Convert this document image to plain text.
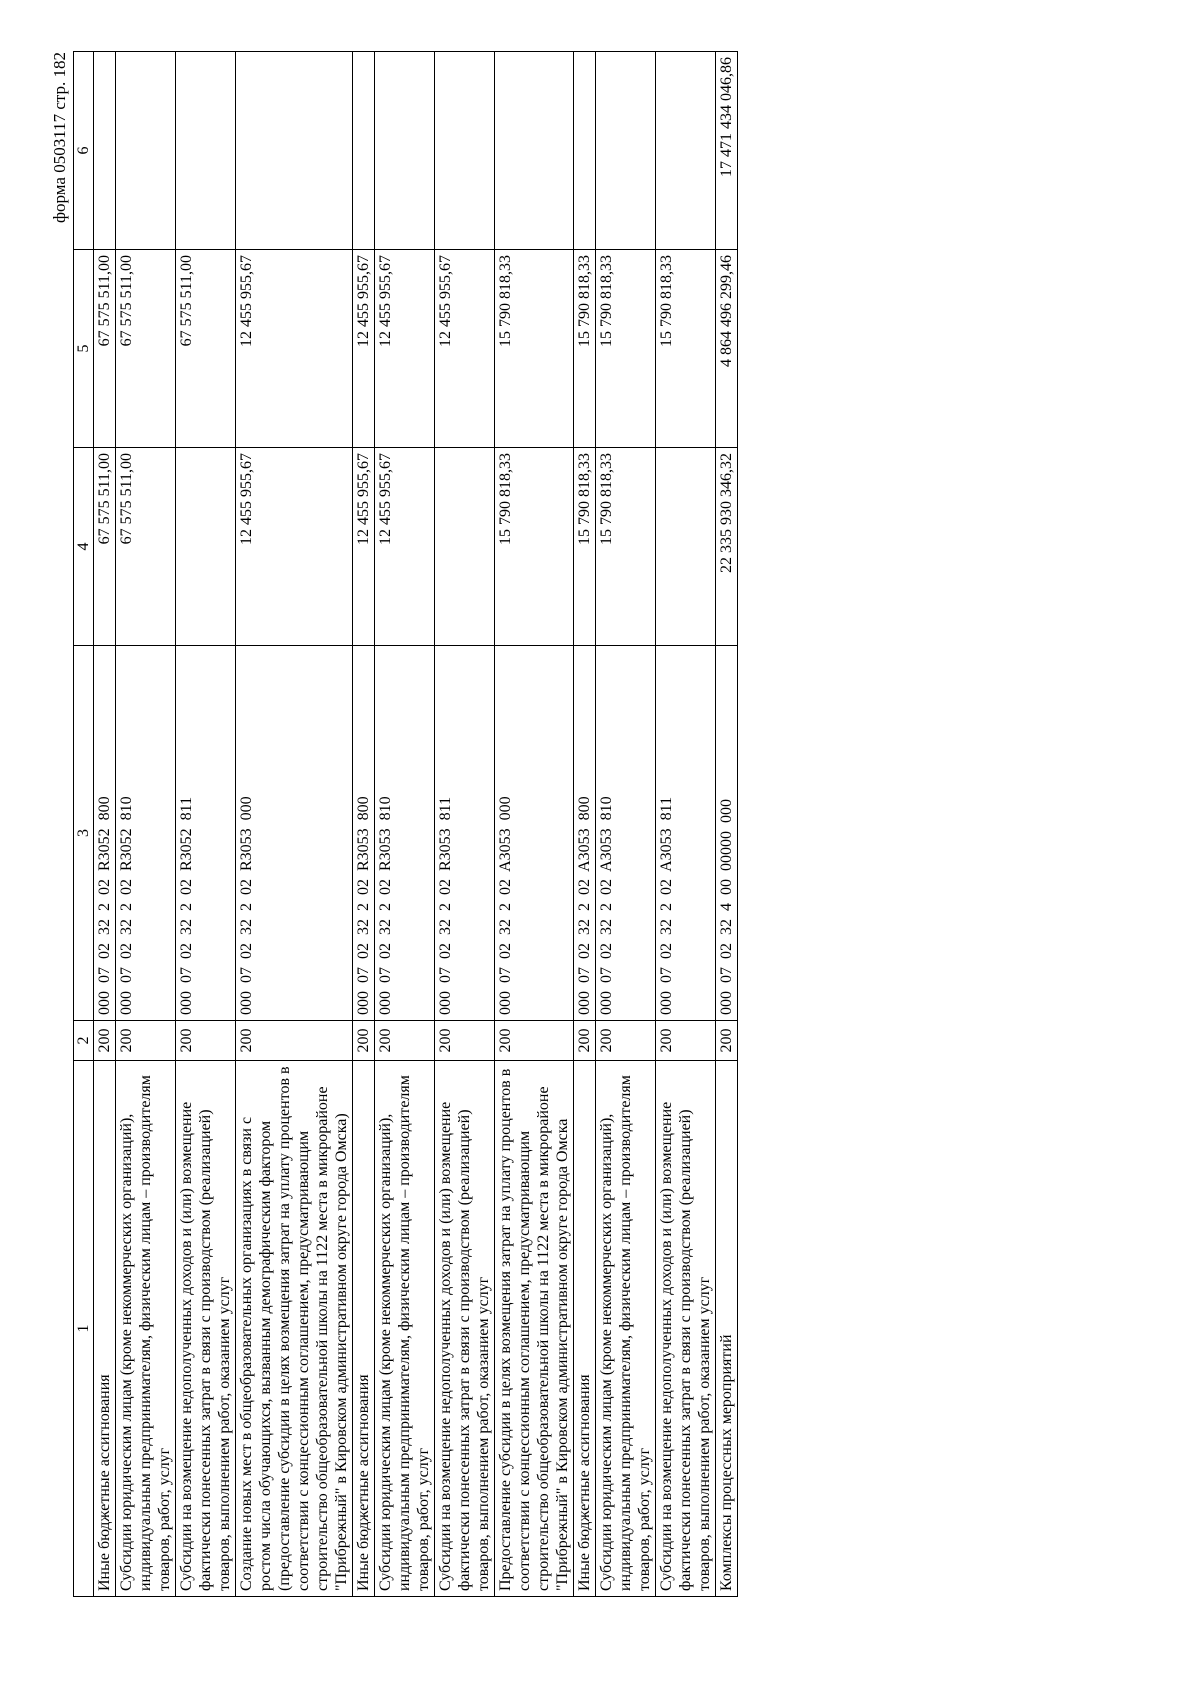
форма 0503117 стр. 182
1	2	3	4	5	6
Иные бюджетные ассигнования	200	000  07  02  32  2  02  R3052  800	67 575 511,00	67 575 511,00	
Субсидии юридическим лицам (кроме некоммерческих организаций), индивидуальным предпринимателям, физическим лицам – производителям товаров, работ, услуг	200	000  07  02  32  2  02  R3052  810	67 575 511,00	67 575 511,00	
Субсидии на возмещение недополученных доходов и (или) возмещение фактически понесенных затрат в связи с производством (реализацией) товаров, выполнением работ, оказанием услуг	200	000  07  02  32  2  02  R3052  811		67 575 511,00	
Создание новых мест в общеобразовательных организациях в связи с ростом числа обучающихся, вызванным демографическим фактором (предоставление субсидии в целях возмещения затрат на уплату процентов в соответствии с концессионным соглашением, предусматривающим строительство общеобразовательной школы на 1122 места в микрорайоне "Прибрежный" в Кировском административном округе города Омска)	200	000  07  02  32  2  02  R3053  000	12 455 955,67	12 455 955,67	
Иные бюджетные ассигнования	200	000  07  02  32  2  02  R3053  800	12 455 955,67	12 455 955,67	
Субсидии юридическим лицам (кроме некоммерческих организаций), индивидуальным предпринимателям, физическим лицам – производителям товаров, работ, услуг	200	000  07  02  32  2  02  R3053  810	12 455 955,67	12 455 955,67	
Субсидии на возмещение недополученных доходов и (или) возмещение фактически понесенных затрат в связи с производством (реализацией) товаров, выполнением работ, оказанием услуг	200	000  07  02  32  2  02  R3053  811		12 455 955,67	
Предоставление субсидии в целях возмещения затрат на уплату процентов в соответствии с концессионным соглашением, предусматривающим строительство общеобразовательной школы на 1122 места в микрорайоне "Прибрежный" в Кировском административном округе города Омска	200	000  07  02  32  2  02  A3053  000	15 790 818,33	15 790 818,33	
Иные бюджетные ассигнования	200	000  07  02  32  2  02  A3053  800	15 790 818,33	15 790 818,33	
Субсидии юридическим лицам (кроме некоммерческих организаций), индивидуальным предпринимателям, физическим лицам – производителям товаров, работ, услуг	200	000  07  02  32  2  02  A3053  810	15 790 818,33	15 790 818,33	
Субсидии на возмещение недополученных доходов и (или) возмещение фактически понесенных затрат в связи с производством (реализацией) товаров, выполнением работ, оказанием услуг	200	000  07  02  32  2  02  A3053  811		15 790 818,33	
Комплексы процессных мероприятий	200	000  07  02  32  4  00  00000  000	22 335 930 346,32	4 864 496 299,46	17 471 434 046,86
